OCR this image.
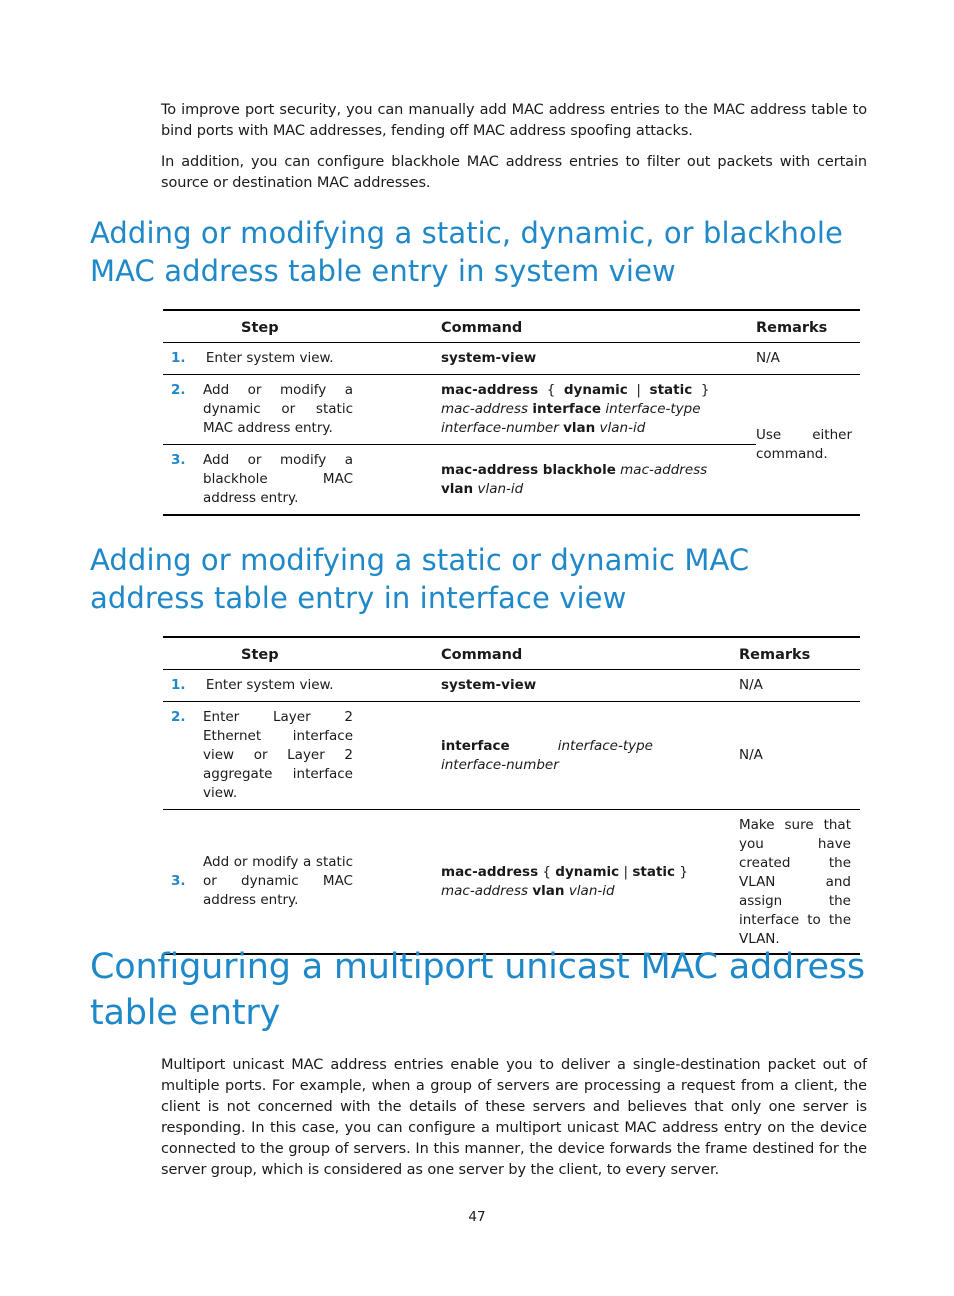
To improve port security, you can manually add MAC address entries to the MAC address table to bind ports with MAC addresses, fending off MAC address spoofing attacks.

In addition, you can configure blackhole MAC address entries to filter out packets with certain source or destination MAC addresses.

Adding or modifying a static, dynamic, or blackhole MAC address table entry in system view
Step	Command	Remarks
1. Enter system view.	system-view	N/A

2. Add or modify a dynamic or static MAC address entry.	mac-address { dynamic | static }
mac-address interface interface-type
interface-number vlan vlan-id	Use either command.

3. Add or modify a blackhole MAC address entry.	mac-address blackhole mac-address
vlan vlan-id	
Adding or modifying a static or dynamic MAC address table entry in interface view
Step	Command	Remarks
1. Enter system view.	system-view	N/A

2. Enter Layer 2 Ethernet interface view or Layer 2 aggregate interface view.	interface interface-type
interface-number	N/A

3.
Add or modify a static or dynamic MAC address entry.	mac-address { dynamic | static }
mac-address vlan vlan-id	Make sure that you have created the VLAN and assign the interface to the VLAN.
Configuring a multiport unicast MAC address table entry

Multiport unicast MAC address entries enable you to deliver a single-destination packet out of multiple ports. For example, when a group of servers are processing a request from a client, the client is not concerned with the details of these servers and believes that only one server is responding. In this case, you can configure a multiport unicast MAC address entry on the device connected to the group of servers. In this manner, the device forwards the frame destined for the server group, which is considered as one server by the client, to every server.

47
